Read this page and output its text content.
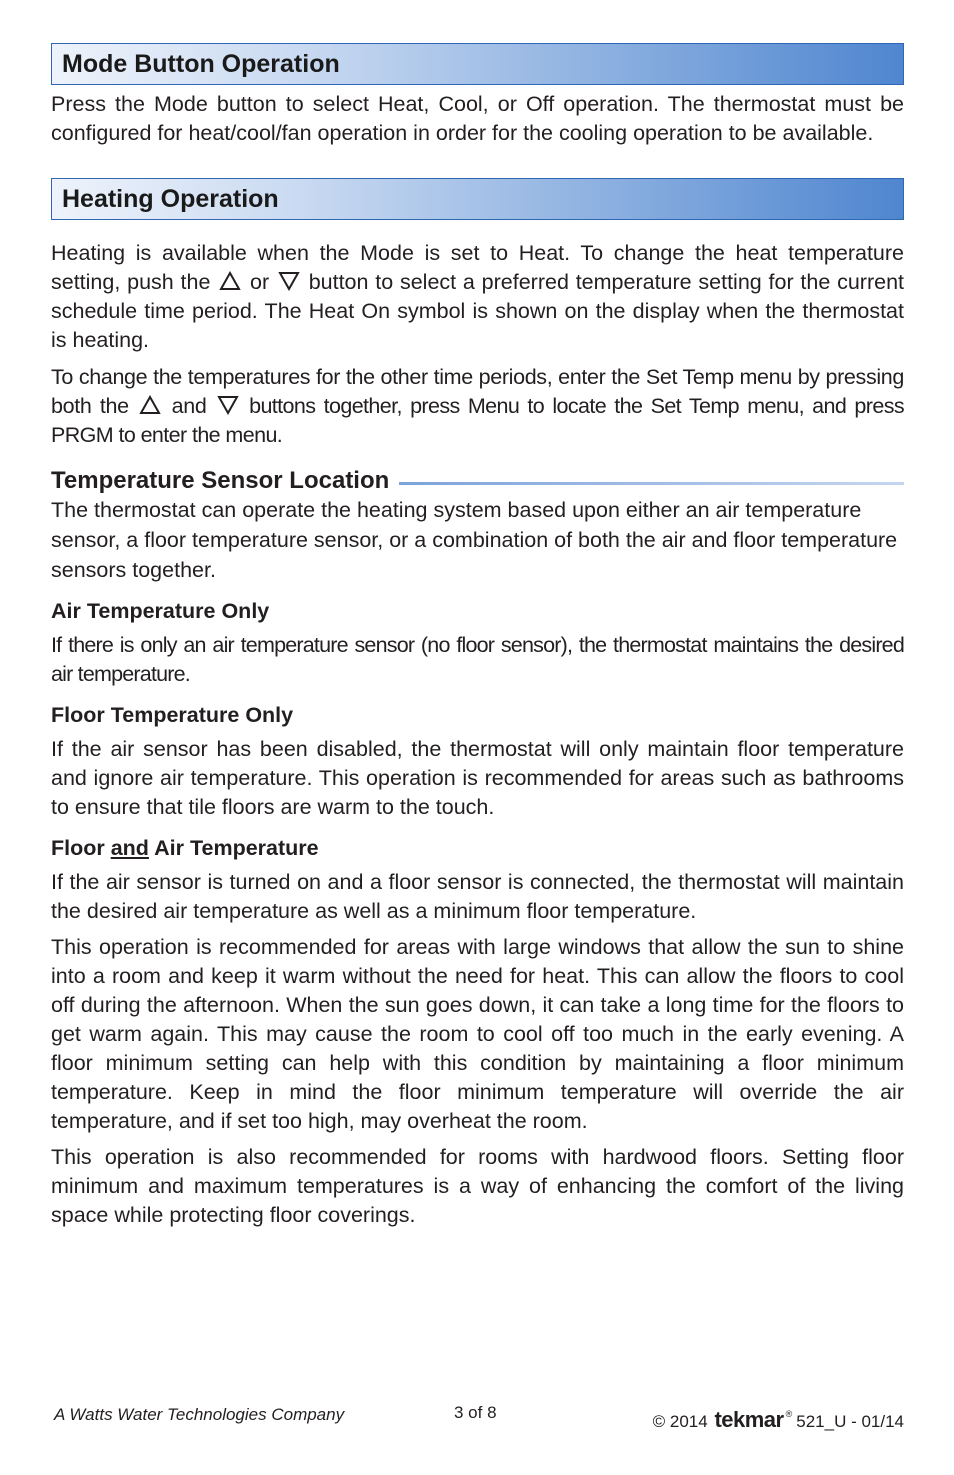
Mode Button Operation

Press the Mode button to select Heat, Cool, or Off operation. The thermostat must be configured for heat/cool/fan operation in order for the cooling operation to be available.

Heating Operation

Heating is available when the Mode is set to Heat. To change the heat temperature setting, push the
or
button to select a preferred temperature setting for the current schedule time period. The Heat On symbol is shown on the display when the thermostat is heating.

To change the temperatures for the other time periods, enter the Set Temp menu by pressing both the
and
buttons together, press Menu to locate the Set Temp menu, and press PRGM to enter the menu.

Temperature Sensor Location

The thermostat can operate the heating system based upon either an air temperature sensor, a floor temperature sensor, or a combination of both the air and floor temperature sensors together.

Air Temperature Only

If there is only an air temperature sensor (no floor sensor), the thermostat maintains the desired air temperature.

Floor Temperature Only

If the air sensor has been disabled, the thermostat will only maintain floor temperature and ignore air temperature. This operation is recommended for areas such as bathrooms to ensure that tile floors are warm to the touch.

Floor and Air Temperature

If the air sensor is turned on and a floor sensor is connected, the thermostat will maintain the desired air temperature as well as a minimum floor temperature.

This operation is recommended for areas with large windows that allow the sun to shine into a room and keep it warm without the need for heat. This can allow the floors to cool off during the afternoon. When the sun goes down, it can take a long time for the floors to get warm again. This may cause the room to cool off too much in the early evening. A floor minimum setting can help with this condition by maintaining a floor minimum temperature. Keep in mind the floor minimum temperature will override the air temperature, and if set too high, may overheat the room.

This operation is also recommended for rooms with hardwood floors. Setting floor minimum and maximum temperatures is a way of enhancing the comfort of the living space while protecting floor coverings.

A Watts Water Technologies Company	3 of 8	© 2014 tekmar ® 521_U - 01/14
